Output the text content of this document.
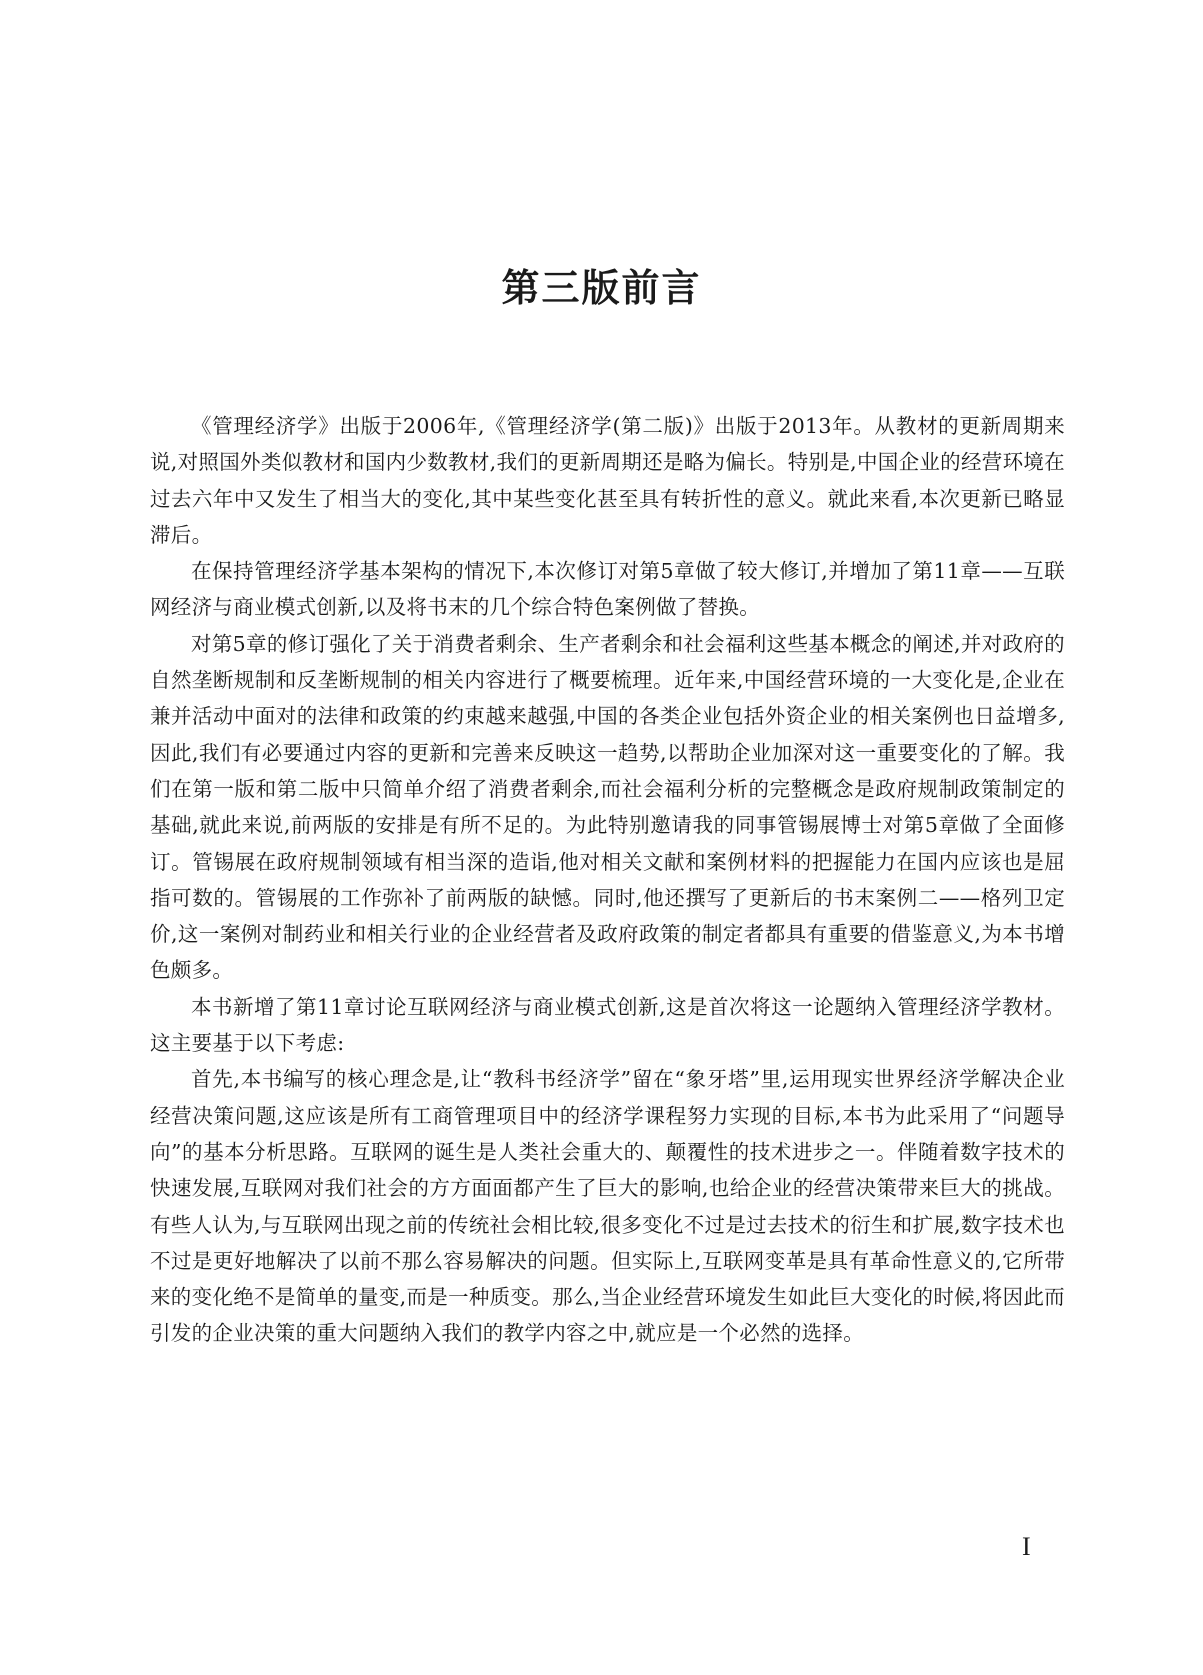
第三版前言

《管理经济学》出版于2006年,《管理经济学(第二版)》出版于2013年。从教材的更新周期来说,对照国外类似教材和国内少数教材,我们的更新周期还是略为偏长。特别是,中国企业的经营环境在过去六年中又发生了相当大的变化,其中某些变化甚至具有转折性的意义。就此来看,本次更新已略显滞后。

在保持管理经济学基本架构的情况下,本次修订对第5章做了较大修订,并增加了第11章——互联网经济与商业模式创新,以及将书末的几个综合特色案例做了替换。

对第5章的修订强化了关于消费者剩余、生产者剩余和社会福利这些基本概念的阐述,并对政府的自然垄断规制和反垄断规制的相关内容进行了概要梳理。近年来,中国经营环境的一大变化是,企业在兼并活动中面对的法律和政策的约束越来越强,中国的各类企业包括外资企业的相关案例也日益增多,因此,我们有必要通过内容的更新和完善来反映这一趋势,以帮助企业加深对这一重要变化的了解。我们在第一版和第二版中只简单介绍了消费者剩余,而社会福利分析的完整概念是政府规制政策制定的基础,就此来说,前两版的安排是有所不足的。为此特别邀请我的同事管锡展博士对第5章做了全面修订。管锡展在政府规制领域有相当深的造诣,他对相关文献和案例材料的把握能力在国内应该也是屈指可数的。管锡展的工作弥补了前两版的缺憾。同时,他还撰写了更新后的书末案例二——格列卫定价,这一案例对制药业和相关行业的企业经营者及政府政策的制定者都具有重要的借鉴意义,为本书增色颇多。

本书新增了第11章讨论互联网经济与商业模式创新,这是首次将这一论题纳入管理经济学教材。这主要基于以下考虑:

首先,本书编写的核心理念是,让“教科书经济学”留在“象牙塔”里,运用现实世界经济学解决企业经营决策问题,这应该是所有工商管理项目中的经济学课程努力实现的目标,本书为此采用了“问题导向”的基本分析思路。互联网的诞生是人类社会重大的、颠覆性的技术进步之一。伴随着数字技术的快速发展,互联网对我们社会的方方面面都产生了巨大的影响,也给企业的经营决策带来巨大的挑战。有些人认为,与互联网出现之前的传统社会相比较,很多变化不过是过去技术的衍生和扩展,数字技术也不过是更好地解决了以前不那么容易解决的问题。但实际上,互联网变革是具有革命性意义的,它所带来的变化绝不是简单的量变,而是一种质变。那么,当企业经营环境发生如此巨大变化的时候,将因此而引发的企业决策的重大问题纳入我们的教学内容之中,就应是一个必然的选择。

I
